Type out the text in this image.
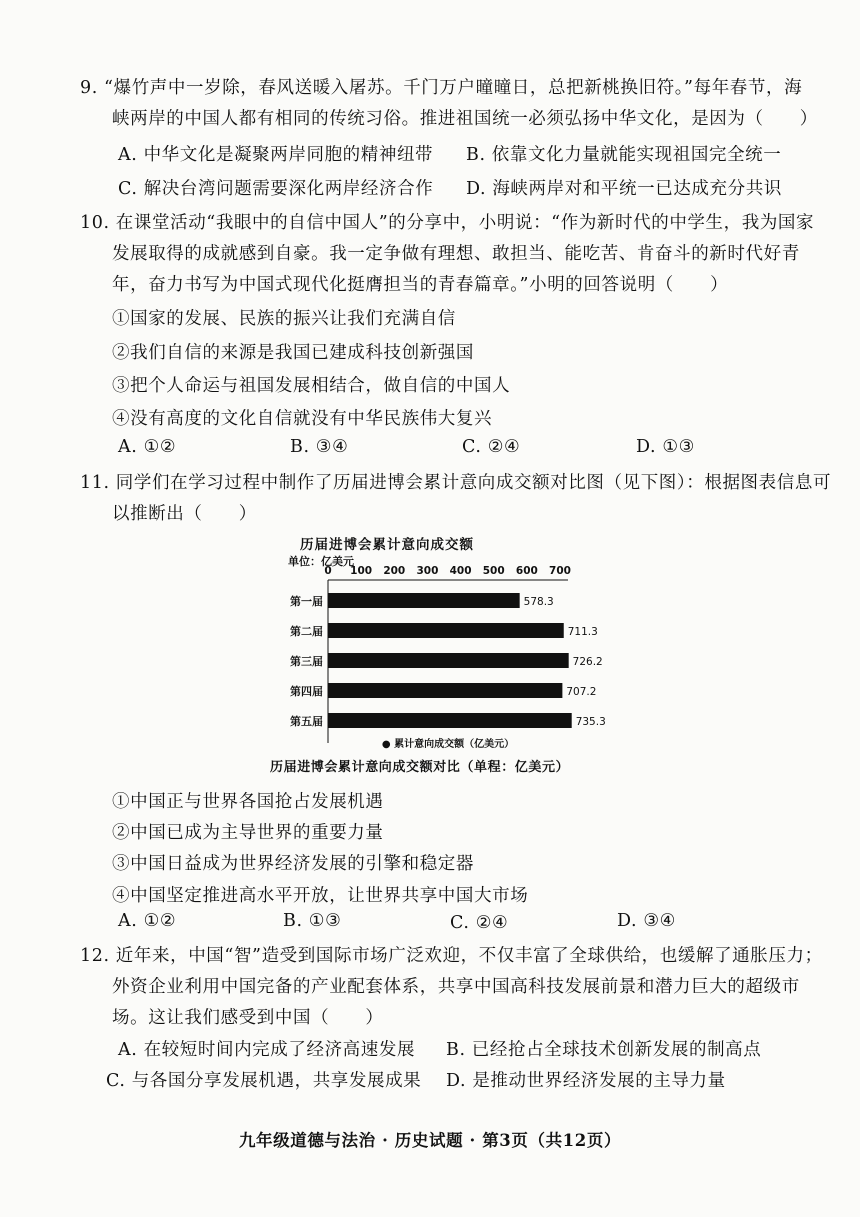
9. “爆竹声中一岁除，春风送暖入屠苏。千门万户曈曈日，总把新桃换旧符。”每年春节，海
峡两岸的中国人都有相同的传统习俗。推进祖国统一必须弘扬中华文化，是因为（　　）
A. 中华文化是凝聚两岸同胞的精神纽带 B. 依靠文化力量就能实现祖国完全统一
C. 解决台湾问题需要深化两岸经济合作 D. 海峡两岸对和平统一已达成充分共识
10. 在课堂活动“我眼中的自信中国人”的分享中，小明说：“作为新时代的中学生，我为国家
发展取得的成就感到自豪。我一定争做有理想、敢担当、能吃苦、肯奋斗的新时代好青
年，奋力书写为中国式现代化挺膺担当的青春篇章。”小明的回答说明（　　）
①国家的发展、民族的振兴让我们充满自信
②我们自信的来源是我国已建成科技创新强国
③把个人命运与祖国发展相结合，做自信的中国人
④没有高度的文化自信就没有中华民族伟大复兴
A. ①②	B. ③④	C. ②④	D. ①③
11. 同学们在学习过程中制作了历届进博会累计意向成交额对比图（见下图）：根据图表信息可
以推断出（　　）
历届进博会累计意向成交额
单位：亿美元
0 100 200 300 400 500 600 700
第一届	578.3
第二届	711.3
第三届	726.2
第四届	707.2
第五届	735.3
● 累计意向成交额（亿美元）
历届进博会累计意向成交额对比（单程：亿美元）
①中国正与世界各国抢占发展机遇
②中国已成为主导世界的重要力量
③中国日益成为世界经济发展的引擎和稳定器
④中国坚定推进高水平开放，让世界共享中国大市场
A. ①②	B. ①③	C. ②④	D. ③④
12. 近年来，中国“智”造受到国际市场广泛欢迎，不仅丰富了全球供给，也缓解了通胀压力；
外资企业利用中国完备的产业配套体系，共享中国高科技发展前景和潜力巨大的超级市
场。这让我们感受到中国（　　）
A. 在较短时间内完成了经济高速发展 B. 已经抢占全球技术创新发展的制高点
C. 与各国分享发展机遇，共享发展成果 D. 是推动世界经济发展的主导力量
九年级道德与法治 · 历史试题 · 第3页（共12页）
